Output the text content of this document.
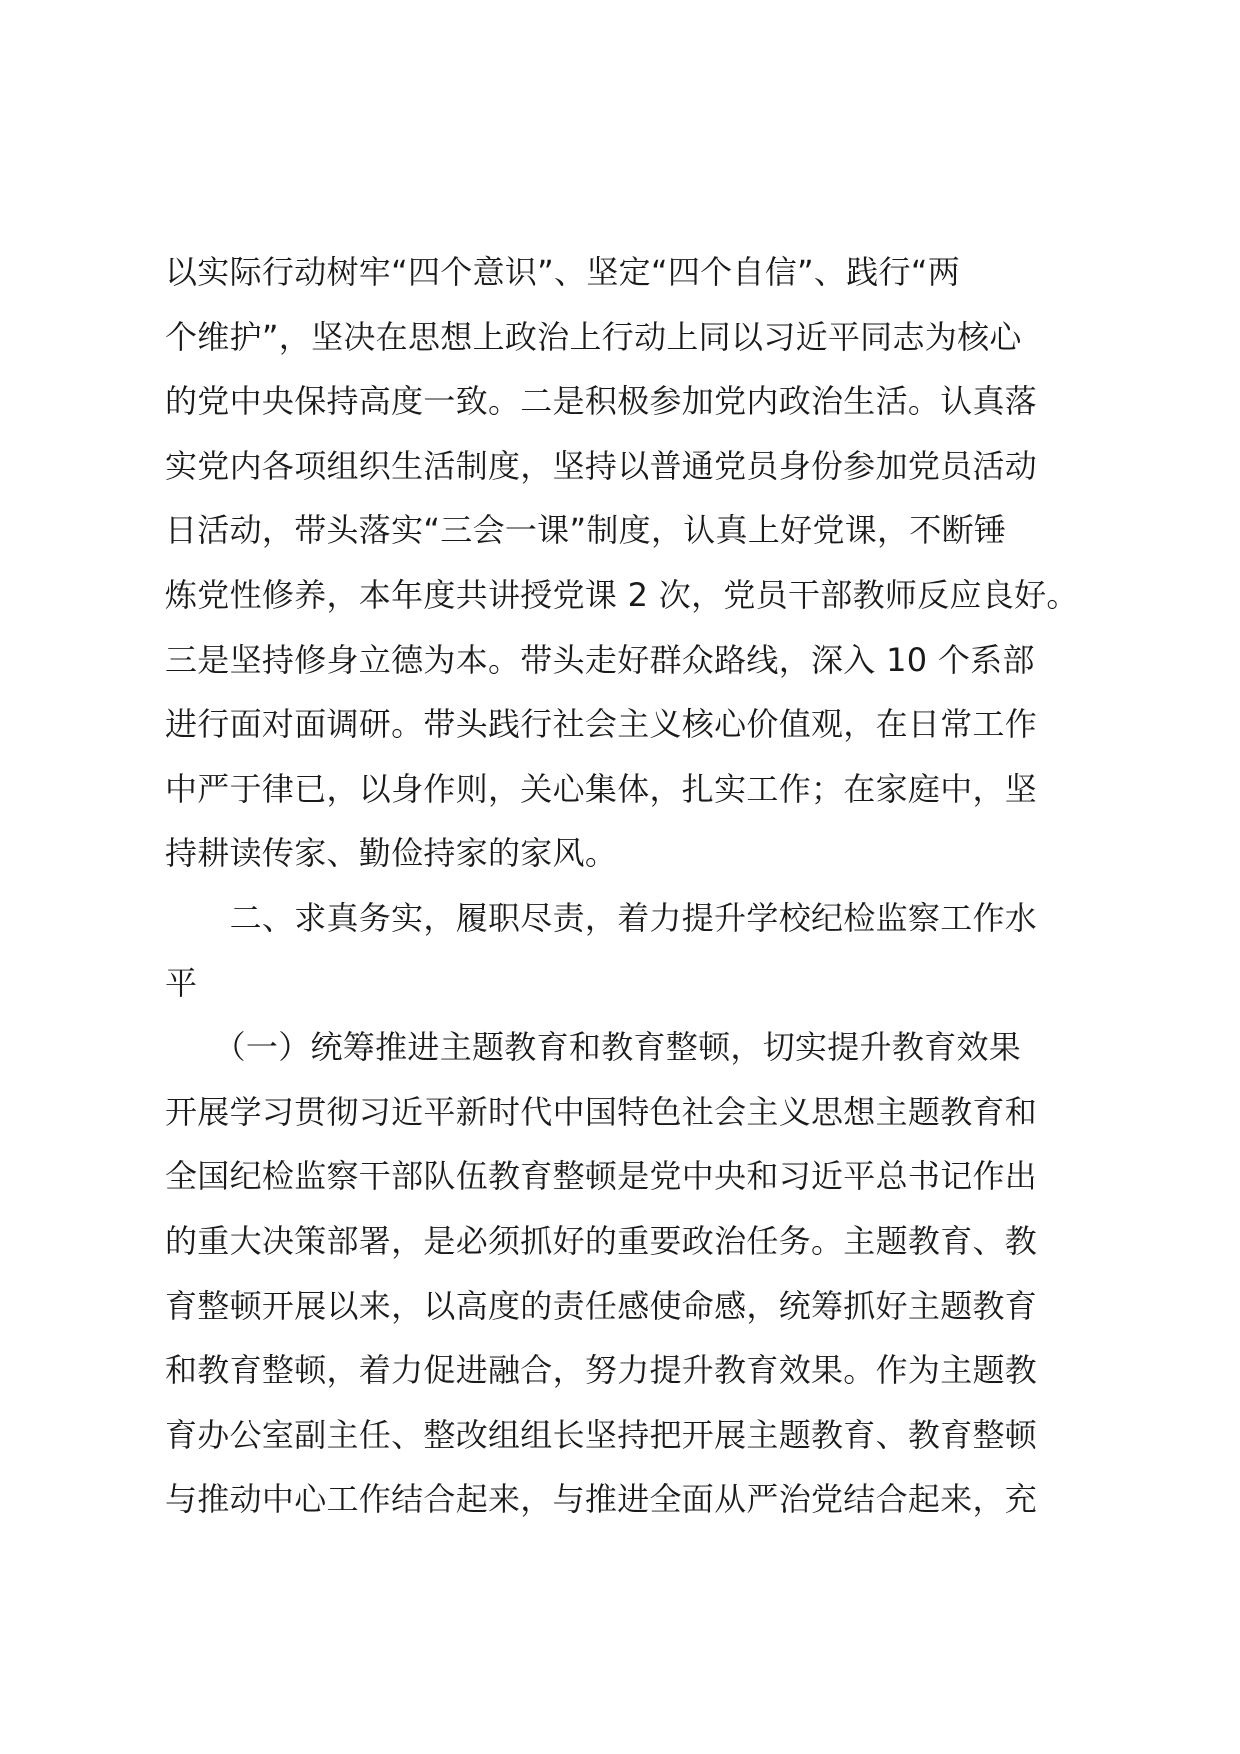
以实际行动树牢“四个意识”、坚定“四个自信”、践行“两
个维护”，坚决在思想上政治上行动上同以习近平同志为核心
的党中央保持高度一致。二是积极参加党内政治生活。认真落
实党内各项组织生活制度，坚持以普通党员身份参加党员活动
日活动，带头落实“三会一课”制度，认真上好党课，不断锤
炼党性修养，本年度共讲授党课 2 次，党员干部教师反应良好。
三是坚持修身立德为本。带头走好群众路线，深入 10 个系部
进行面对面调研。带头践行社会主义核心价值观，在日常工作
中严于律已，以身作则，关心集体，扎实工作；在家庭中，坚
持耕读传家、勤俭持家的家风。
　　二、求真务实，履职尽责，着力提升学校纪检监察工作水
平
　　（一）统筹推进主题教育和教育整顿，切实提升教育效果
开展学习贯彻习近平新时代中国特色社会主义思想主题教育和
全国纪检监察干部队伍教育整顿是党中央和习近平总书记作出
的重大决策部署，是必须抓好的重要政治任务。主题教育、教
育整顿开展以来，以高度的责任感使命感，统筹抓好主题教育
和教育整顿，着力促进融合，努力提升教育效果。作为主题教
育办公室副主任、整改组组长坚持把开展主题教育、教育整顿
与推动中心工作结合起来，与推进全面从严治党结合起来，充
